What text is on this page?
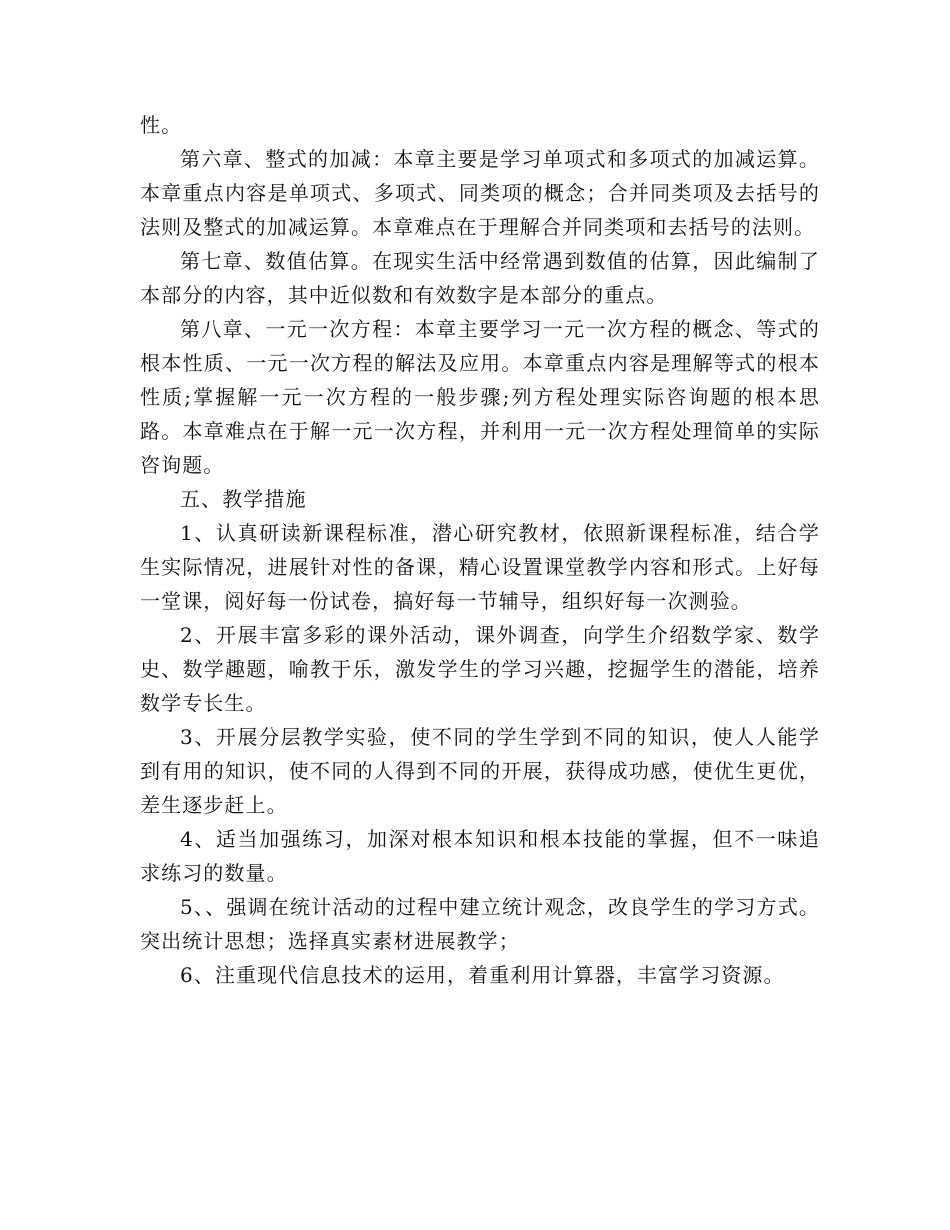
性。

第六章、整式的加减：本章主要是学习单项式和多项式的加减运算。本章重点内容是单项式、多项式、同类项的概念；合并同类项及去括号的法则及整式的加减运算。本章难点在于理解合并同类项和去括号的法则。

第七章、数值估算。在现实生活中经常遇到数值的估算，因此编制了本部分的内容，其中近似数和有效数字是本部分的重点。

第八章、一元一次方程：本章主要学习一元一次方程的概念、等式的根本性质、一元一次方程的解法及应用。本章重点内容是理解等式的根本性质;掌握解一元一次方程的一般步骤;列方程处理实际咨询题的根本思路。本章难点在于解一元一次方程，并利用一元一次方程处理简单的实际咨询题。

五、教学措施

1、认真研读新课程标准，潜心研究教材，依照新课程标准，结合学生实际情况，进展针对性的备课，精心设置课堂教学内容和形式。上好每一堂课，阅好每一份试卷，搞好每一节辅导，组织好每一次测验。

2、开展丰富多彩的课外活动，课外调查，向学生介绍数学家、数学史、数学趣题，喻教于乐，激发学生的学习兴趣，挖掘学生的潜能，培养数学专长生。

3、开展分层教学实验，使不同的学生学到不同的知识，使人人能学到有用的知识，使不同的人得到不同的开展，获得成功感，使优生更优，差生逐步赶上。

4、适当加强练习，加深对根本知识和根本技能的掌握，但不一味追求练习的数量。

5、、强调在统计活动的过程中建立统计观念，改良学生的学习方式。突出统计思想；选择真实素材进展教学；

6、注重现代信息技术的运用，着重利用计算器，丰富学习资源。
